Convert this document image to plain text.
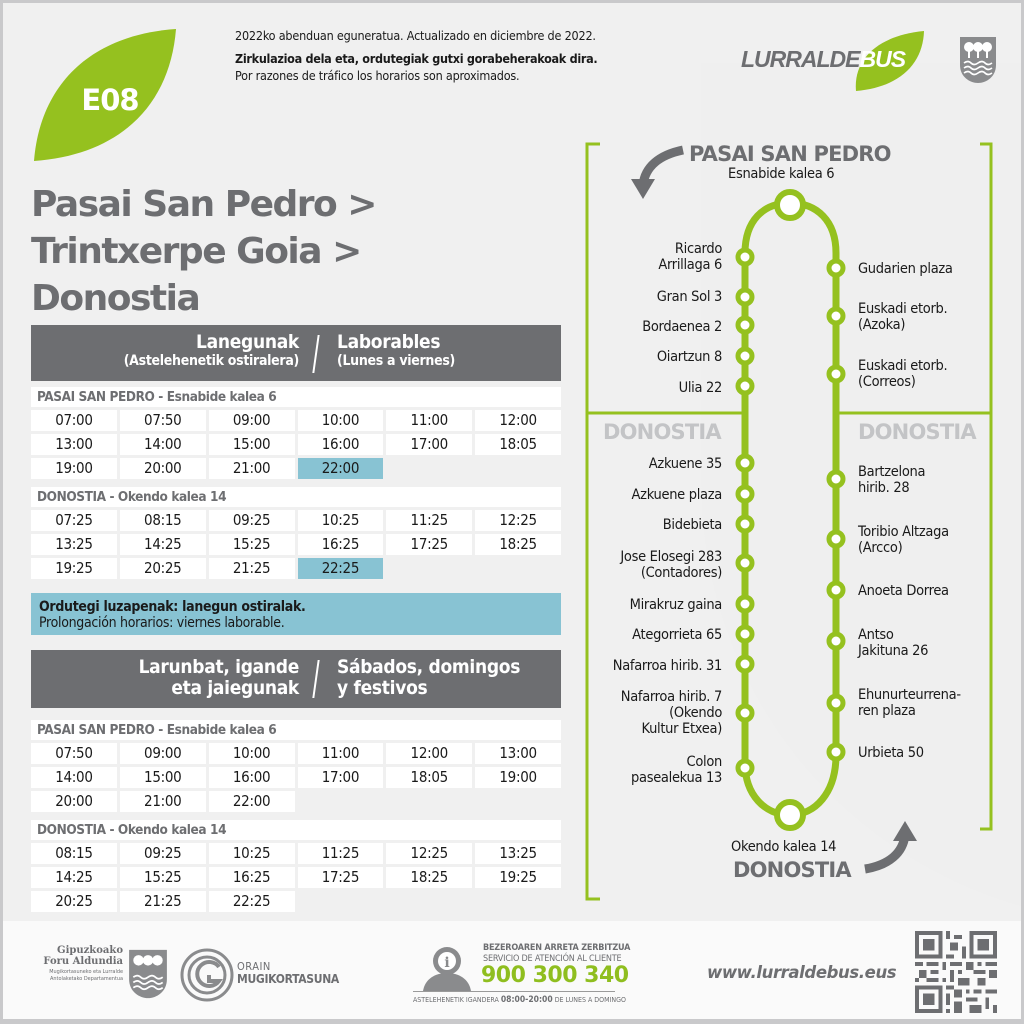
E08
2022ko abenduan eguneratua. Actualizado en diciembre de 2022.
Zirkulazioa dela eta, ordutegiak gutxi gorabeherakoak dira.
Por razones de tráfico los horarios son aproximados.
LURRALDEBUS
Pasai San Pedro >
Trintxerpe Goia >
Donostia
Lanegunak
(Astelehenetik ostiralera)
Laborables
(Lunes a viernes)
PASAI SAN PEDRO - Esnabide kalea 6
07:00	07:50	09:00	10:00	11:00	12:00
13:00	14:00	15:00	16:00	17:00	18:05
19:00	20:00	21:00	22:00
DONOSTIA - Okendo kalea 14
07:25	08:15	09:25	10:25	11:25	12:25
13:25	14:25	15:25	16:25	17:25	18:25
19:25	20:25	21:25	22:25
Ordutegi luzapenak: lanegun ostiralak.
Prolongación horarios: viernes laborable.
Larunbat, igande
eta jaiegunak
Sábados, domingos
y festivos
PASAI SAN PEDRO - Esnabide kalea 6
07:50	09:00	10:00	11:00	12:00	13:00
14:00	15:00	16:00	17:00	18:05	19:00
20:00	21:00	22:00
DONOSTIA - Okendo kalea 14
08:15	09:25	10:25	11:25	12:25	13:25
14:25	15:25	16:25	17:25	18:25	19:25
20:25	21:25	22:25
PASAI SAN PEDRO
Esnabide kalea 6
Okendo kalea 14
DONOSTIA
DONOSTIA	DONOSTIA
Ricardo
Arrillaga 6
Gran Sol 3
Bordaenea 2
Oiartzun 8
Ulia 22
Azkuene 35
Azkuene plaza
Bidebieta
Jose Elosegi 283
(Contadores)
Mirakruz gaina
Ategorrieta 65
Nafarroa hirib. 31
Nafarroa hirib. 7
(Okendo
Kultur Etxea)
Colon
pasealekua 13
Gudarien plaza
Euskadi etorb.
(Azoka)
Euskadi etorb.
(Correos)
Bartzelona
hirib. 28
Toribio Altzaga
(Arcco)
Anoeta Dorrea
Antso
Jakituna 26
Ehunurteurrena-
ren plaza
Urbieta 50
Gipuzkoako
Foru Aldundia
Mugikortasuneko eta Lurralde
Antolaketako Departamentua
ORAIN
MUGIKORTASUNA
i
BEZEROAREN ARRETA ZERBITZUA
SERVICIO DE ATENCIÓN AL CLIENTE
900 300 340
ASTELEHENETIK IGANDERA 08:00-20:00 DE LUNES A DOMINGO
www.lurraldebus.eus
